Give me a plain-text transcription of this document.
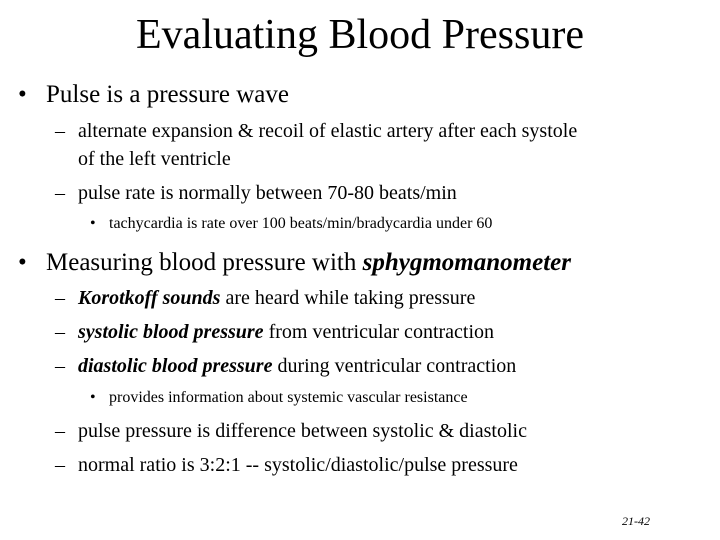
Evaluating Blood Pressure
• Pulse is a pressure wave
– alternate expansion & recoil of elastic artery after each systole
of the left ventricle
– pulse rate is normally between 70-80 beats/min
• tachycardia is rate over 100 beats/min/bradycardia under 60
• Measuring blood pressure with sphygmomanometer
– Korotkoff sounds are heard while taking pressure
– systolic blood pressure from ventricular contraction
– diastolic blood pressure during ventricular contraction
• provides information about systemic vascular resistance
– pulse pressure is difference between systolic & diastolic
– normal ratio is 3:2:1 -- systolic/diastolic/pulse pressure
21-42
